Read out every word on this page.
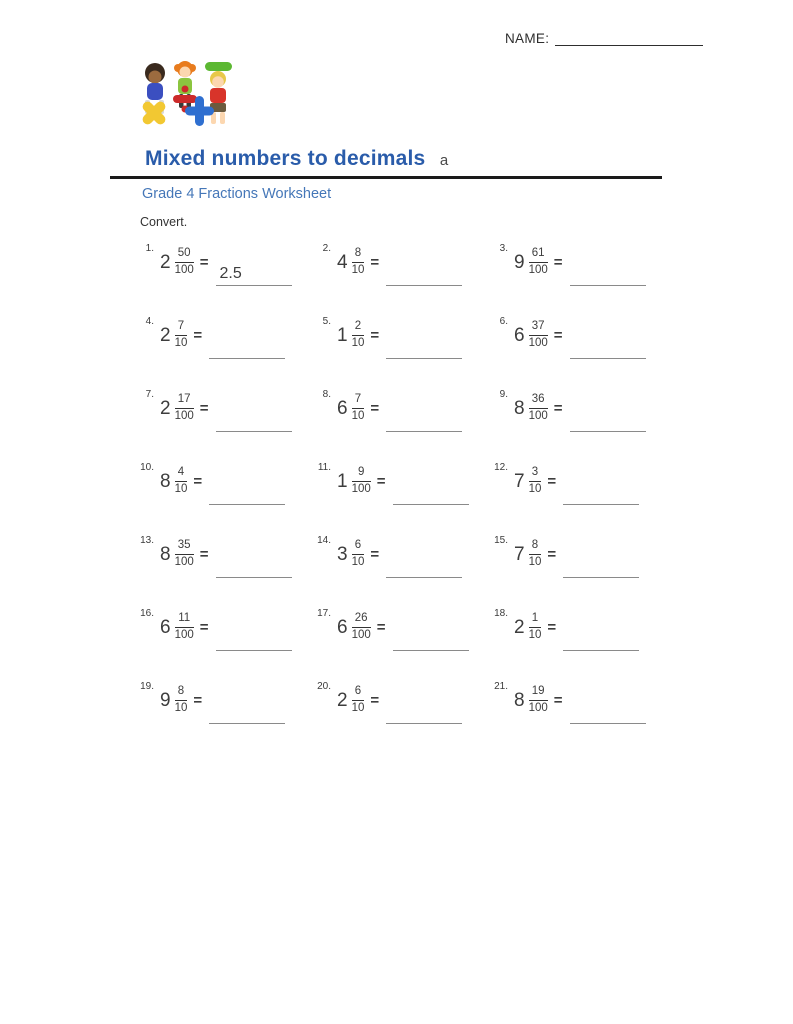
NAME:
Mixed numbers to decimals a
Grade 4 Fractions Worksheet
Convert.
1.
$2 \frac{50}{100}$ =
2.5
2.
$4 \frac{8}{10}$ =
3.
$9 \frac{61}{100}$ =
4.
$2 \frac{7}{10}$ =
5.
$1 \frac{2}{10}$ =
6.
$6 \frac{37}{100}$ =
7.
$2 \frac{17}{100}$ =
8.
$6 \frac{7}{10}$ =
9.
$8 \frac{36}{100}$ =
10.
$8 \frac{4}{10}$ =
11.
$1 \frac{9}{100}$ =
12.
$7 \frac{3}{10}$ =
13.
$8 \frac{35}{100}$ =
14.
$3 \frac{6}{10}$ =
15.
$7 \frac{8}{10}$ =
16.
$6 \frac{11}{100}$ =
17.
$6 \frac{26}{100}$ =
18.
$2 \frac{1}{10}$ =
19.
$9 \frac{8}{10}$ =
20.
$2 \frac{6}{10}$ =
21.
$8 \frac{19}{100}$ =
